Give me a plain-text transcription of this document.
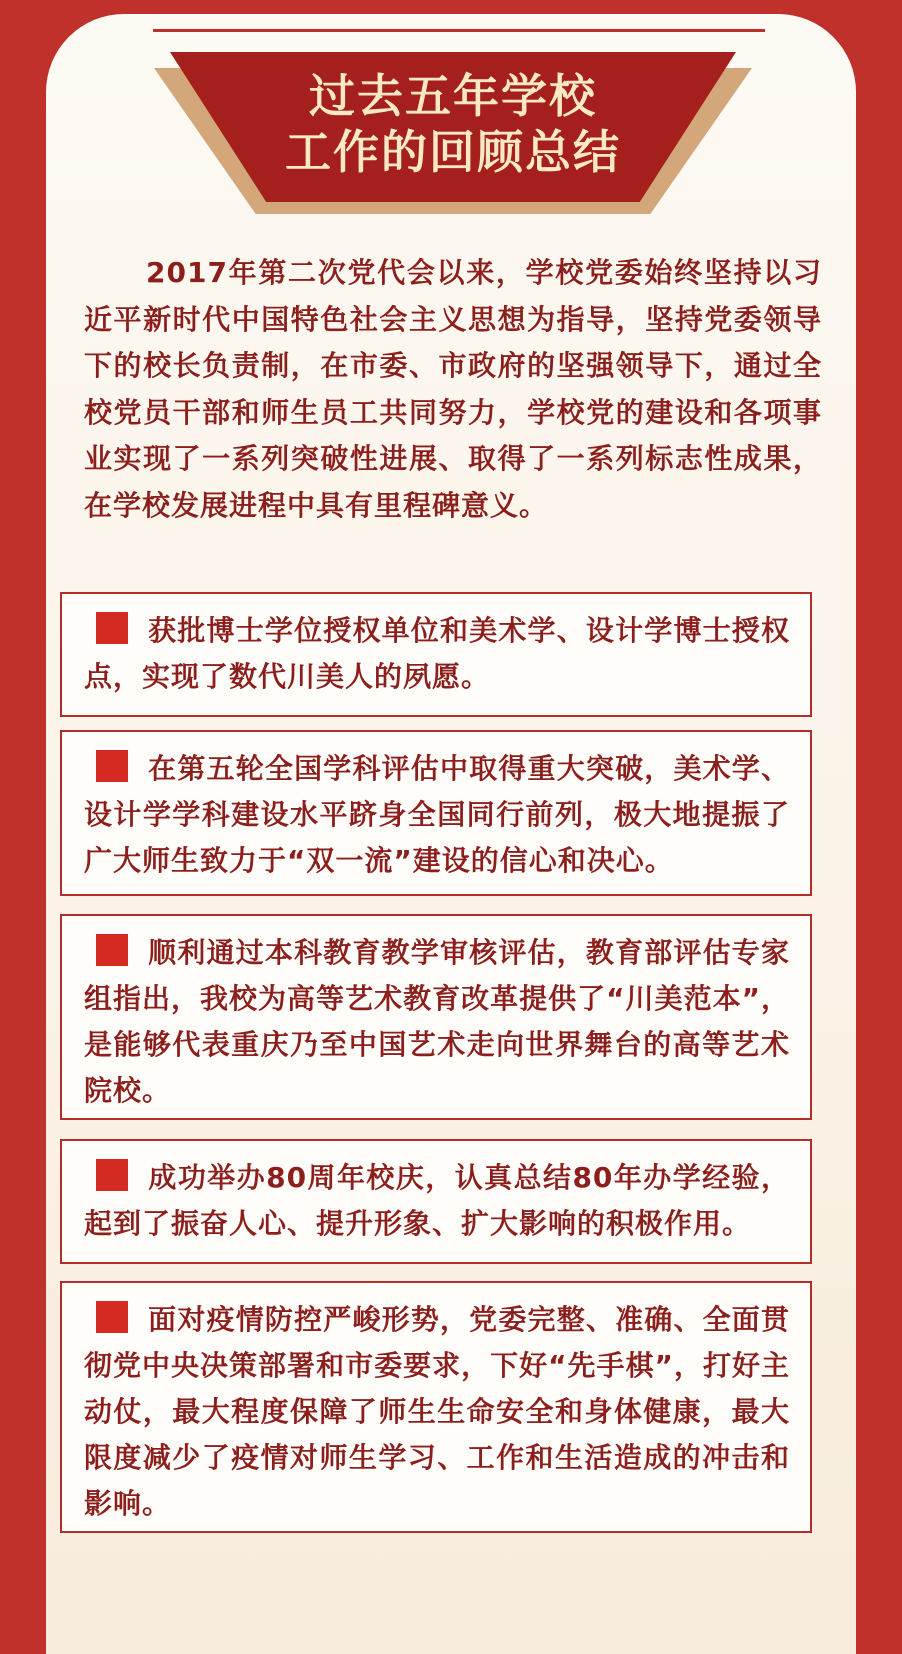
过去五年学校
工作的回顾总结

2017年第二次党代会以来，学校党委始终坚持以习近平新时代中国特色社会主义思想为指导，坚持党委领导下的校长负责制，在市委、市政府的坚强领导下，通过全校党员干部和师生员工共同努力，学校党的建设和各项事业实现了一系列突破性进展、取得了一系列标志性成果，在学校发展进程中具有里程碑意义。

获批博士学位授权单位和美术学、设计学博士授权点，实现了数代川美人的夙愿。

在第五轮全国学科评估中取得重大突破，美术学、设计学学科建设水平跻身全国同行前列，极大地提振了广大师生致力于“双一流”建设的信心和决心。

顺利通过本科教育教学审核评估，教育部评估专家组指出，我校为高等艺术教育改革提供了“川美范本”，是能够代表重庆乃至中国艺术走向世界舞台的高等艺术院校。

成功举办80周年校庆，认真总结80年办学经验，起到了振奋人心、提升形象、扩大影响的积极作用。

面对疫情防控严峻形势，党委完整、准确、全面贯彻党中央决策部署和市委要求，下好“先手棋”，打好主动仗，最大程度保障了师生生命安全和身体健康，最大限度减少了疫情对师生学习、工作和生活造成的冲击和影响。
